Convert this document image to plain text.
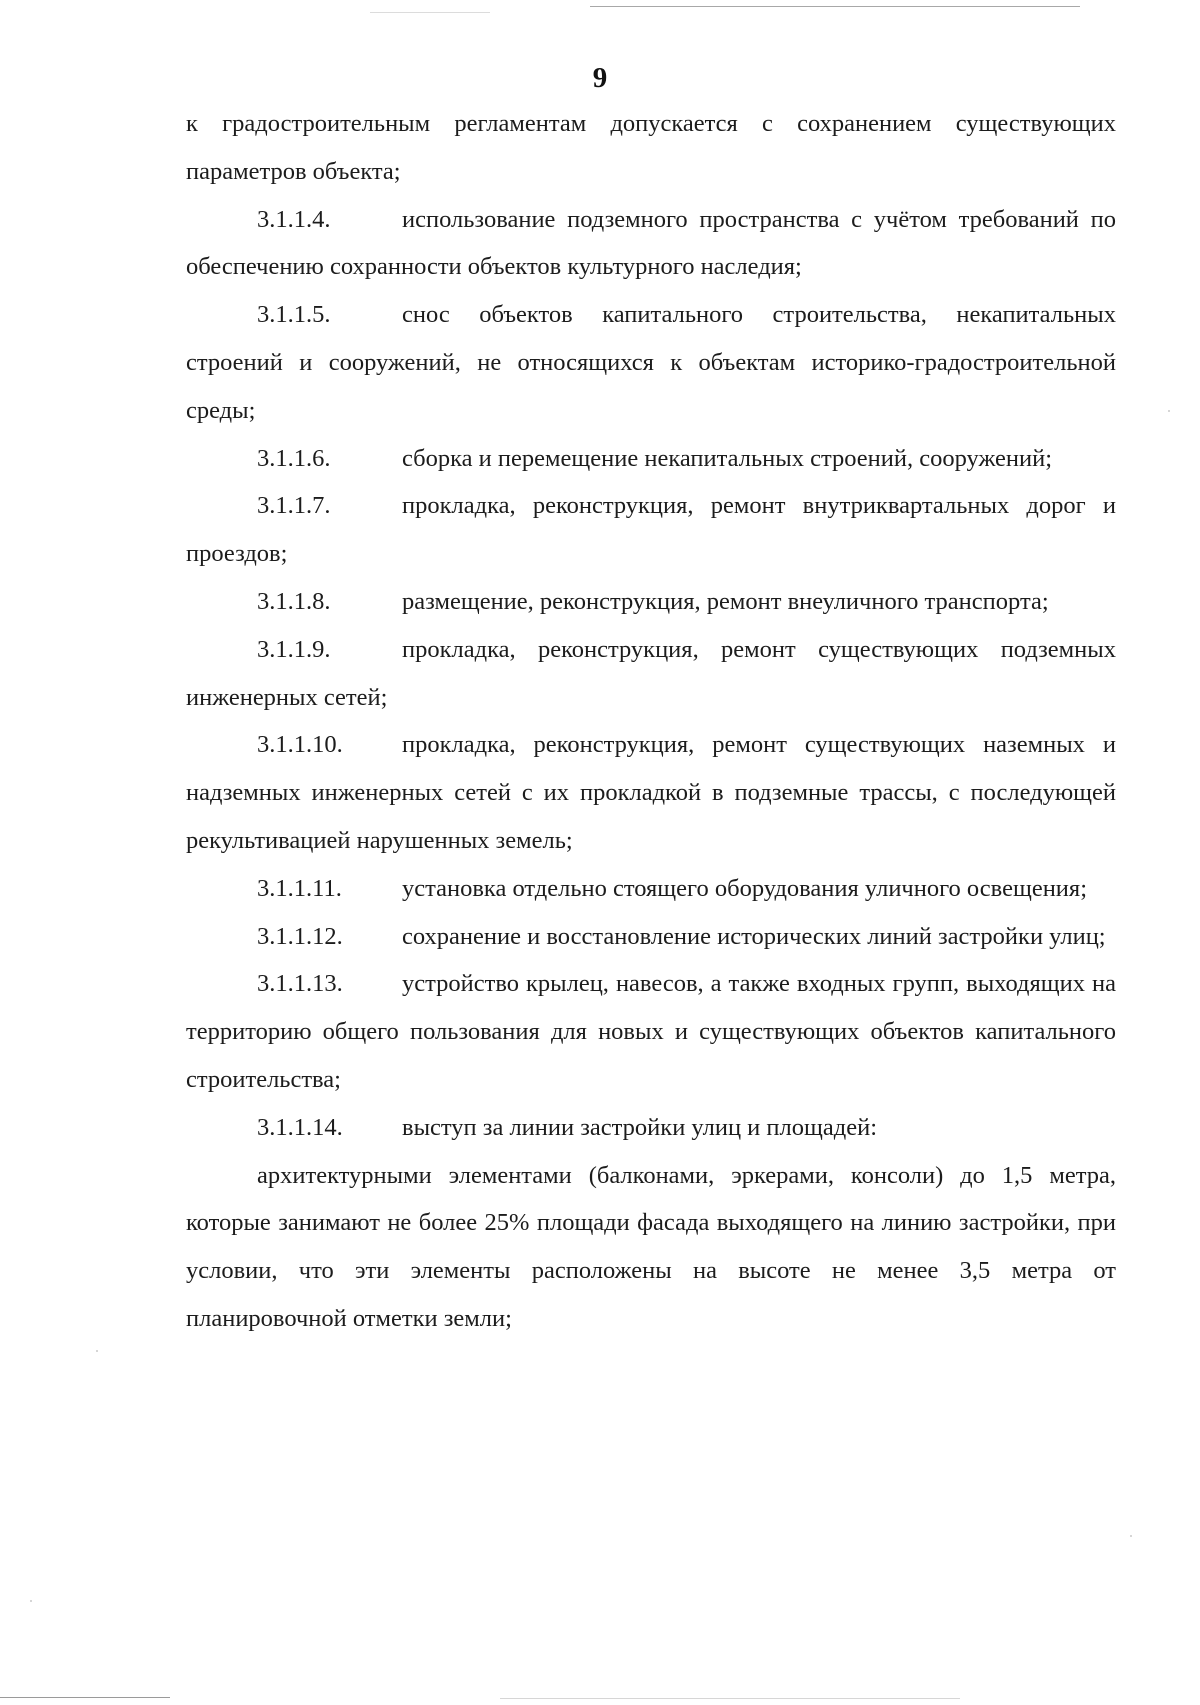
9

к градостроительным регламентам допускается с сохранением существующих параметров объекта;

3.1.1.4.	использование подземного пространства с учётом требований по обеспечению сохранности объектов культурного наследия;

3.1.1.5.	снос объектов капитального строительства, некапитальных строений и сооружений, не относящихся к объектам историко-градостроительной среды;

3.1.1.6.	сборка и перемещение некапитальных строений, сооружений;

3.1.1.7.	прокладка, реконструкция, ремонт внутриквартальных дорог и проездов;

3.1.1.8.	размещение, реконструкция, ремонт внеуличного транспорта;

3.1.1.9.	прокладка, реконструкция, ремонт существующих подземных инженерных сетей;

3.1.1.10. прокладка, реконструкция, ремонт существующих наземных и надземных инженерных сетей с их прокладкой в подземные трассы, с последующей рекультивацией нарушенных земель;

3.1.1.11. установка отдельно стоящего оборудования уличного освещения;

3.1.1.12. сохранение и восстановление исторических линий застройки улиц;

3.1.1.13. устройство крылец, навесов, а также входных групп, выходящих на территорию общего пользования для новых и существующих объектов капитального строительства;

3.1.1.14. выступ за линии застройки улиц и площадей:

архитектурными элементами (балконами, эркерами, консоли) до 1,5 метра, которые занимают не более 25% площади фасада выходящего на линию застройки, при условии, что эти элементы расположены на высоте не менее 3,5 метра от планировочной отметки земли;
